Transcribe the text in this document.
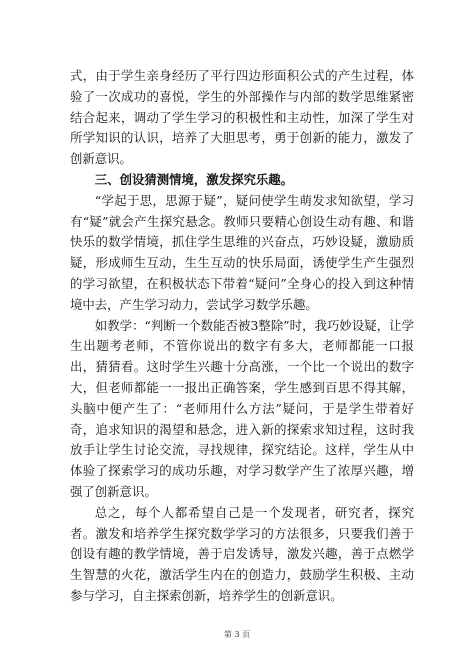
式，由于学生亲身经历了平行四边形面积公式的产生过程，体验了一次成功的喜悦，学生的外部操作与内部的数学思维紧密结合起来，调动了学生学习的积极性和主动性，加深了学生对所学知识的认识，培养了大胆思考，勇于创新的能力，激发了创新意识。

三、创设猜测情境，激发探究乐趣。

“学起于思，思源于疑”，疑问使学生萌发求知欲望，学习有“疑”就会产生探究悬念。教师只要精心创设生动有趣、和谐快乐的数学情境，抓住学生思维的兴奋点，巧妙设疑，激励质疑，形成师生互动，生生互动的快乐局面，诱使学生产生强烈的学习欲望，在积极状态下带着“疑问”全身心的投入到这种情境中去，产生学习动力，尝试学习数学乐趣。

如教学：“判断一个数能否被3整除”时，我巧妙设疑，让学生出题考老师，不管你说出的数字有多大，老师都能一口报出，猜猜看。这时学生兴趣十分高涨，一个比一个说出的数字大，但老师都能一一报出正确答案，学生感到百思不得其解，头脑中便产生了：“老师用什么方法”疑问，于是学生带着好奇，追求知识的渴望和悬念，进入新的探索求知过程，这时我放手让学生讨论交流，寻找规律，探究结论。这样，学生从中体验了探索学习的成功乐趣，对学习数学产生了浓厚兴趣，增强了创新意识。

总之，每个人都希望自己是一个发现者，研究者，探究者。激发和培养学生探究数学学习的方法很多，只要我们善于创设有趣的教学情境，善于启发诱导，激发兴趣，善于点燃学生智慧的火花，激活学生内在的创造力，鼓励学生积极、主动参与学习，自主探索创新，培养学生的创新意识。

第 3 页
